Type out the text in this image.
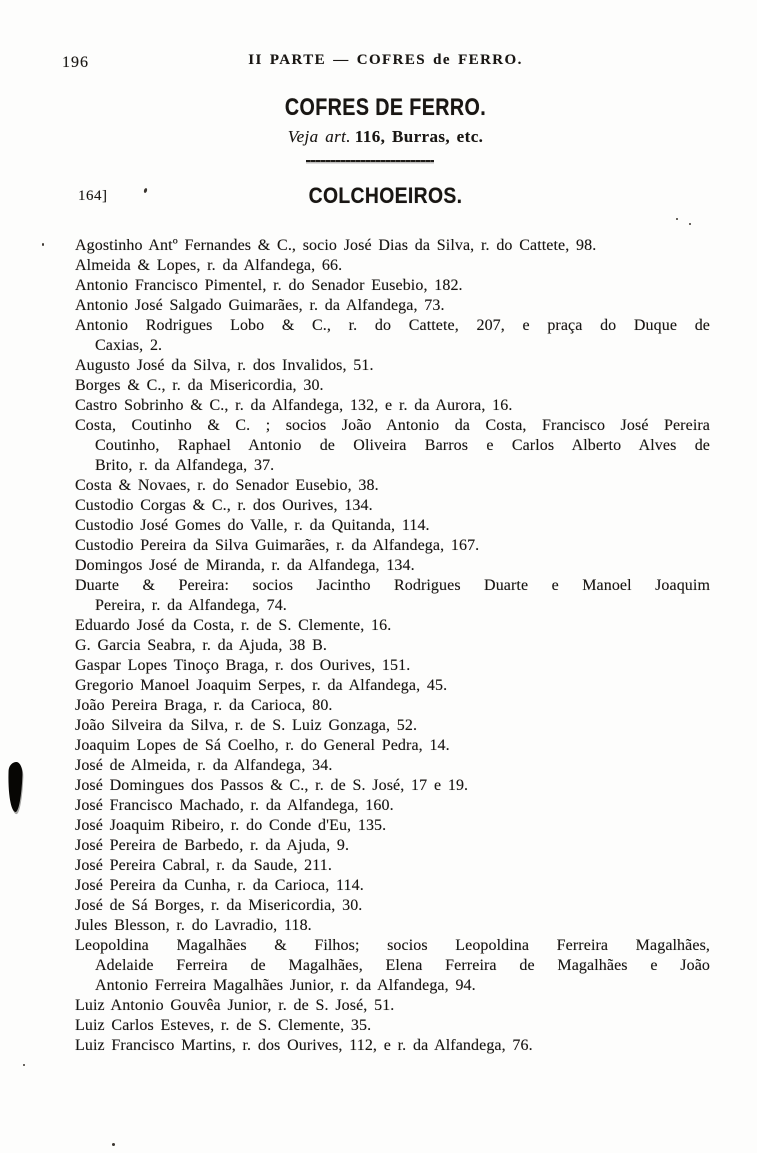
196	II PARTE — COFRES de FERRO.
COFRES DE FERRO.
Veja art. 116, Burras, etc.
164]	COLCHOEIROS.

Agostinho Antº Fernandes & C., socio José Dias da Silva, r. do Cattete, 98.

Almeida & Lopes, r. da Alfandega, 66.

Antonio Francisco Pimentel, r. do Senador Eusebio, 182.

Antonio José Salgado Guimarães, r. da Alfandega, 73.

Antonio Rodrigues Lobo & C., r. do Cattete, 207, e praça do Duque de
Caxias, 2.

Augusto José da Silva, r. dos Invalidos, 51.

Borges & C., r. da Misericordia, 30.

Castro Sobrinho & C., r. da Alfandega, 132, e r. da Aurora, 16.

Costa, Coutinho & C. ; socios João Antonio da Costa, Francisco José Pereira
Coutinho, Raphael Antonio de Oliveira Barros e Carlos Alberto Alves de
Brito, r. da Alfandega, 37.

Costa & Novaes, r. do Senador Eusebio, 38.

Custodio Corgas & C., r. dos Ourives, 134.

Custodio José Gomes do Valle, r. da Quitanda, 114.

Custodio Pereira da Silva Guimarães, r. da Alfandega, 167.

Domingos José de Miranda, r. da Alfandega, 134.

Duarte & Pereira: socios Jacintho Rodrigues Duarte e Manoel Joaquim
Pereira, r. da Alfandega, 74.

Eduardo José da Costa, r. de S. Clemente, 16.

G. Garcia Seabra, r. da Ajuda, 38 B.

Gaspar Lopes Tinoço Braga, r. dos Ourives, 151.

Gregorio Manoel Joaquim Serpes, r. da Alfandega, 45.

João Pereira Braga, r. da Carioca, 80.

João Silveira da Silva, r. de S. Luiz Gonzaga, 52.

Joaquim Lopes de Sá Coelho, r. do General Pedra, 14.

José de Almeida, r. da Alfandega, 34.

José Domingues dos Passos & C., r. de S. José, 17 e 19.

José Francisco Machado, r. da Alfandega, 160.

José Joaquim Ribeiro, r. do Conde d'Eu, 135.

José Pereira de Barbedo, r. da Ajuda, 9.

José Pereira Cabral, r. da Saude, 211.

José Pereira da Cunha, r. da Carioca, 114.

José de Sá Borges, r. da Misericordia, 30.

Jules Blesson, r. do Lavradio, 118.

Leopoldina Magalhães & Filhos; socios Leopoldina Ferreira Magalhães,
Adelaide Ferreira de Magalhães, Elena Ferreira de Magalhães e João
Antonio Ferreira Magalhães Junior, r. da Alfandega, 94.

Luiz Antonio Gouvêa Junior, r. de S. José, 51.

Luiz Carlos Esteves, r. de S. Clemente, 35.

Luiz Francisco Martins, r. dos Ourives, 112, e r. da Alfandega, 76.
